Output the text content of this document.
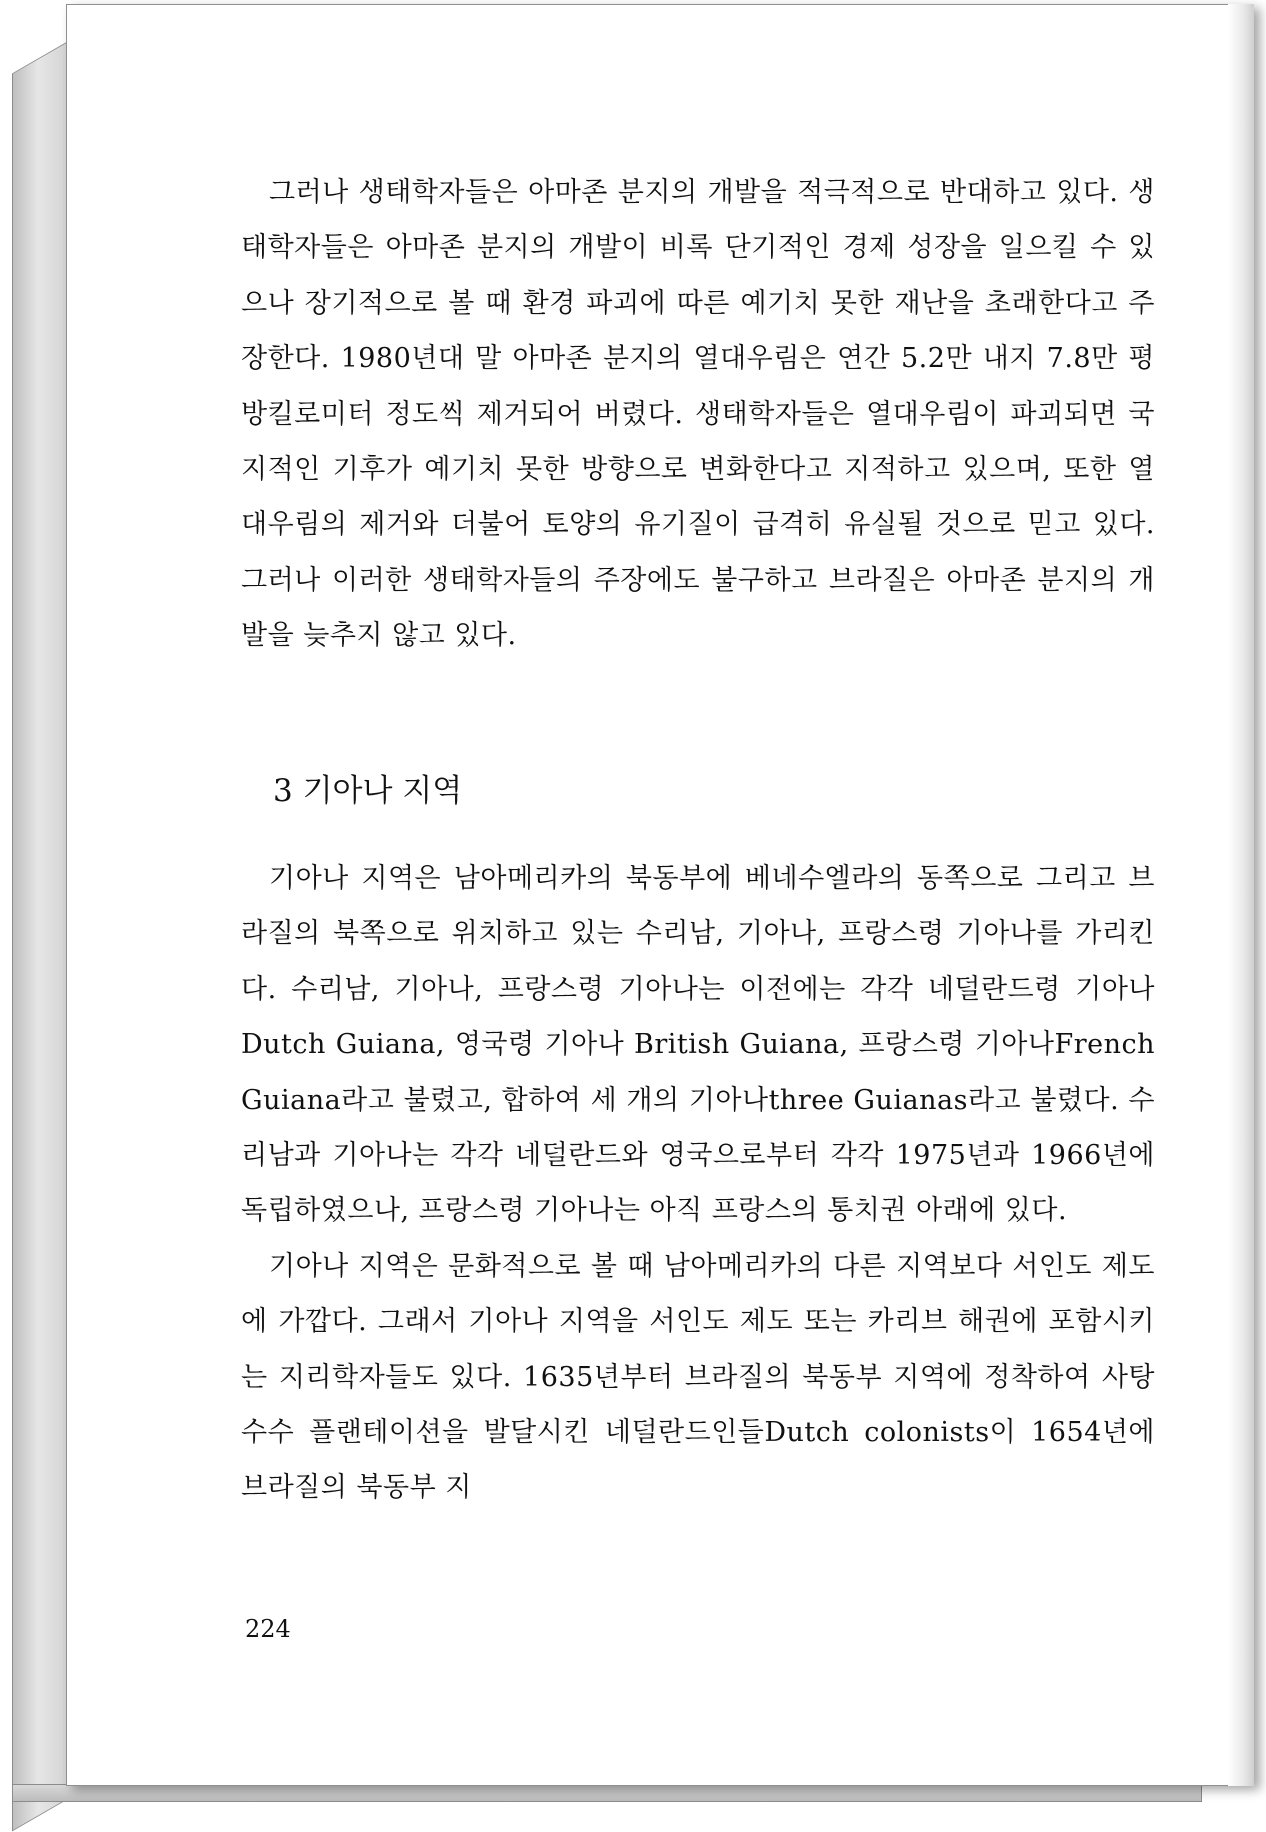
그러나 생태학자들은 아마존 분지의 개발을 적극적으로 반대하고 있다. 생태학자들은 아마존 분지의 개발이 비록 단기적인 경제 성장을 일으킬 수 있으나 장기적으로 볼 때 환경 파괴에 따른 예기치 못한 재난을 초래한다고 주장한다. 1980년대 말 아마존 분지의 열대우림은 연간 5.2만 내지 7.8만 평방킬로미터 정도씩 제거되어 버렸다. 생태학자들은 열대우림이 파괴되면 국지적인 기후가 예기치 못한 방향으로 변화한다고 지적하고 있으며, 또한 열대우림의 제거와 더불어 토양의 유기질이 급격히 유실될 것으로 믿고 있다. 그러나 이러한 생태학자들의 주장에도 불구하고 브라질은 아마존 분지의 개발을 늦추지 않고 있다.

3 기아나 지역

기아나 지역은 남아메리카의 북동부에 베네수엘라의 동쪽으로 그리고 브라질의 북쪽으로 위치하고 있는 수리남, 기아나, 프랑스령 기아나를 가리킨다. 수리남, 기아나, 프랑스령 기아나는 이전에는 각각 네덜란드령 기아나Dutch Guiana, 영국령 기아나 British Guiana, 프랑스령 기아나French Guiana라고 불렸고, 합하여 세 개의 기아나three Guianas라고 불렸다. 수리남과 기아나는 각각 네덜란드와 영국으로부터 각각 1975년과 1966년에 독립하였으나, 프랑스령 기아나는 아직 프랑스의 통치권 아래에 있다.

기아나 지역은 문화적으로 볼 때 남아메리카의 다른 지역보다 서인도 제도에 가깝다. 그래서 기아나 지역을 서인도 제도 또는 카리브 해권에 포함시키는 지리학자들도 있다. 1635년부터 브라질의 북동부 지역에 정착하여 사탕수수 플랜테이션을 발달시킨 네덜란드인들Dutch colonists이 1654년에 브라질의 북동부 지

224
